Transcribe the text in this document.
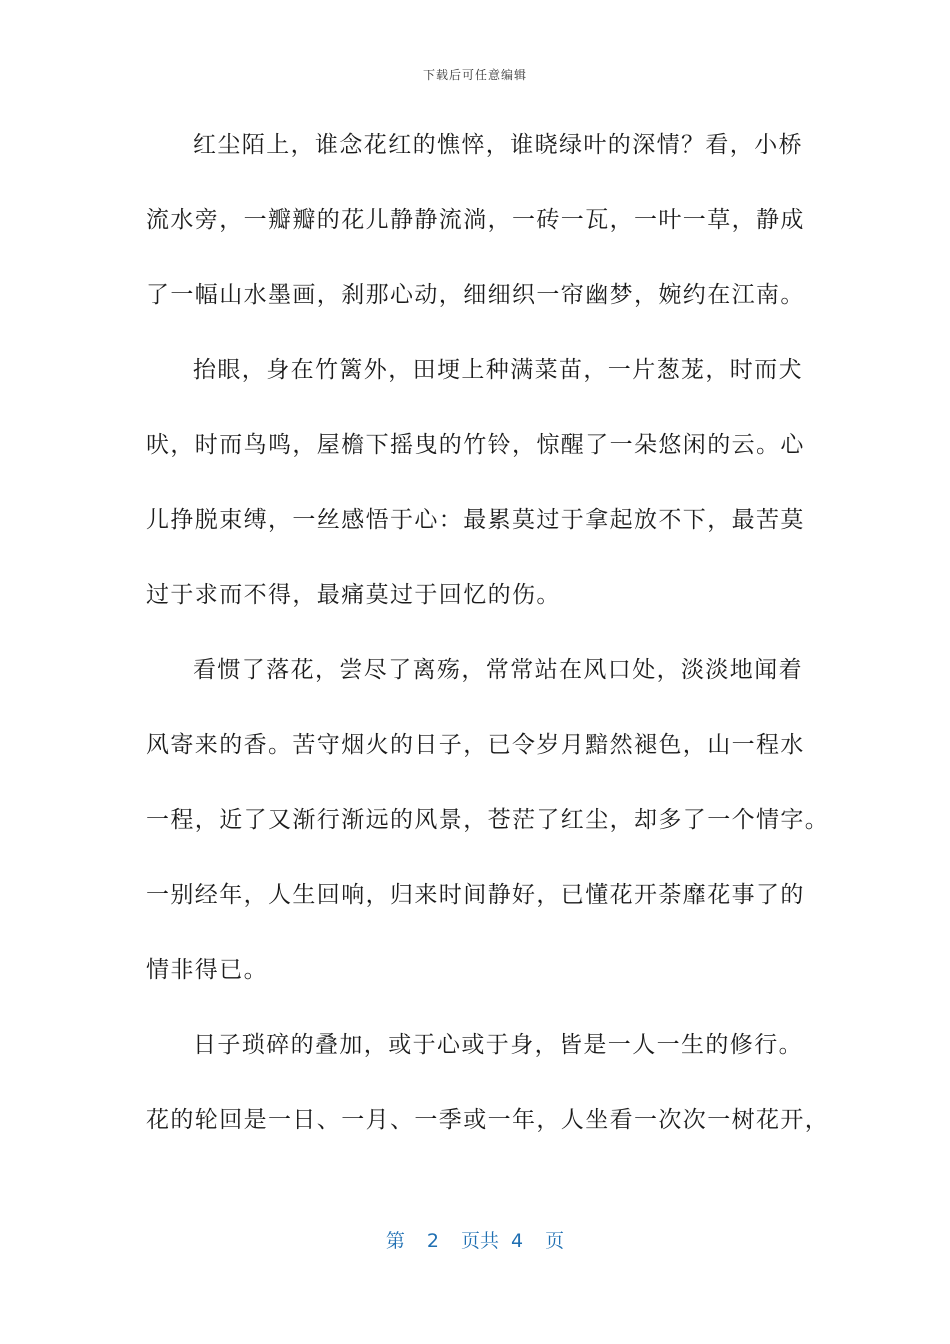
下载后可任意编辑
红尘陌上，谁念花红的憔悴，谁晓绿叶的深情？看，小桥
流水旁，一瓣瓣的花儿静静流淌，一砖一瓦，一叶一草，静成
了一幅山水墨画，刹那心动，细细织一帘幽梦，婉约在江南。
抬眼，身在竹篱外，田埂上种满菜苗，一片葱茏，时而犬
吠，时而鸟鸣，屋檐下摇曳的竹铃，惊醒了一朵悠闲的云。心
儿挣脱束缚，一丝感悟于心：最累莫过于拿起放不下，最苦莫
过于求而不得，最痛莫过于回忆的伤。
看惯了落花，尝尽了离殇，常常站在风口处，淡淡地闻着
风寄来的香。苦守烟火的日子，已令岁月黯然褪色，山一程水
一程，近了又渐行渐远的风景，苍茫了红尘，却多了一个情字。
一别经年，人生回响，归来时间静好，已懂花开荼靡花事了的
情非得已。
日子琐碎的叠加，或于心或于身，皆是一人一生的修行。
花的轮回是一日、一月、一季或一年，人坐看一次次一树花开，
第 2 页共 4 页
